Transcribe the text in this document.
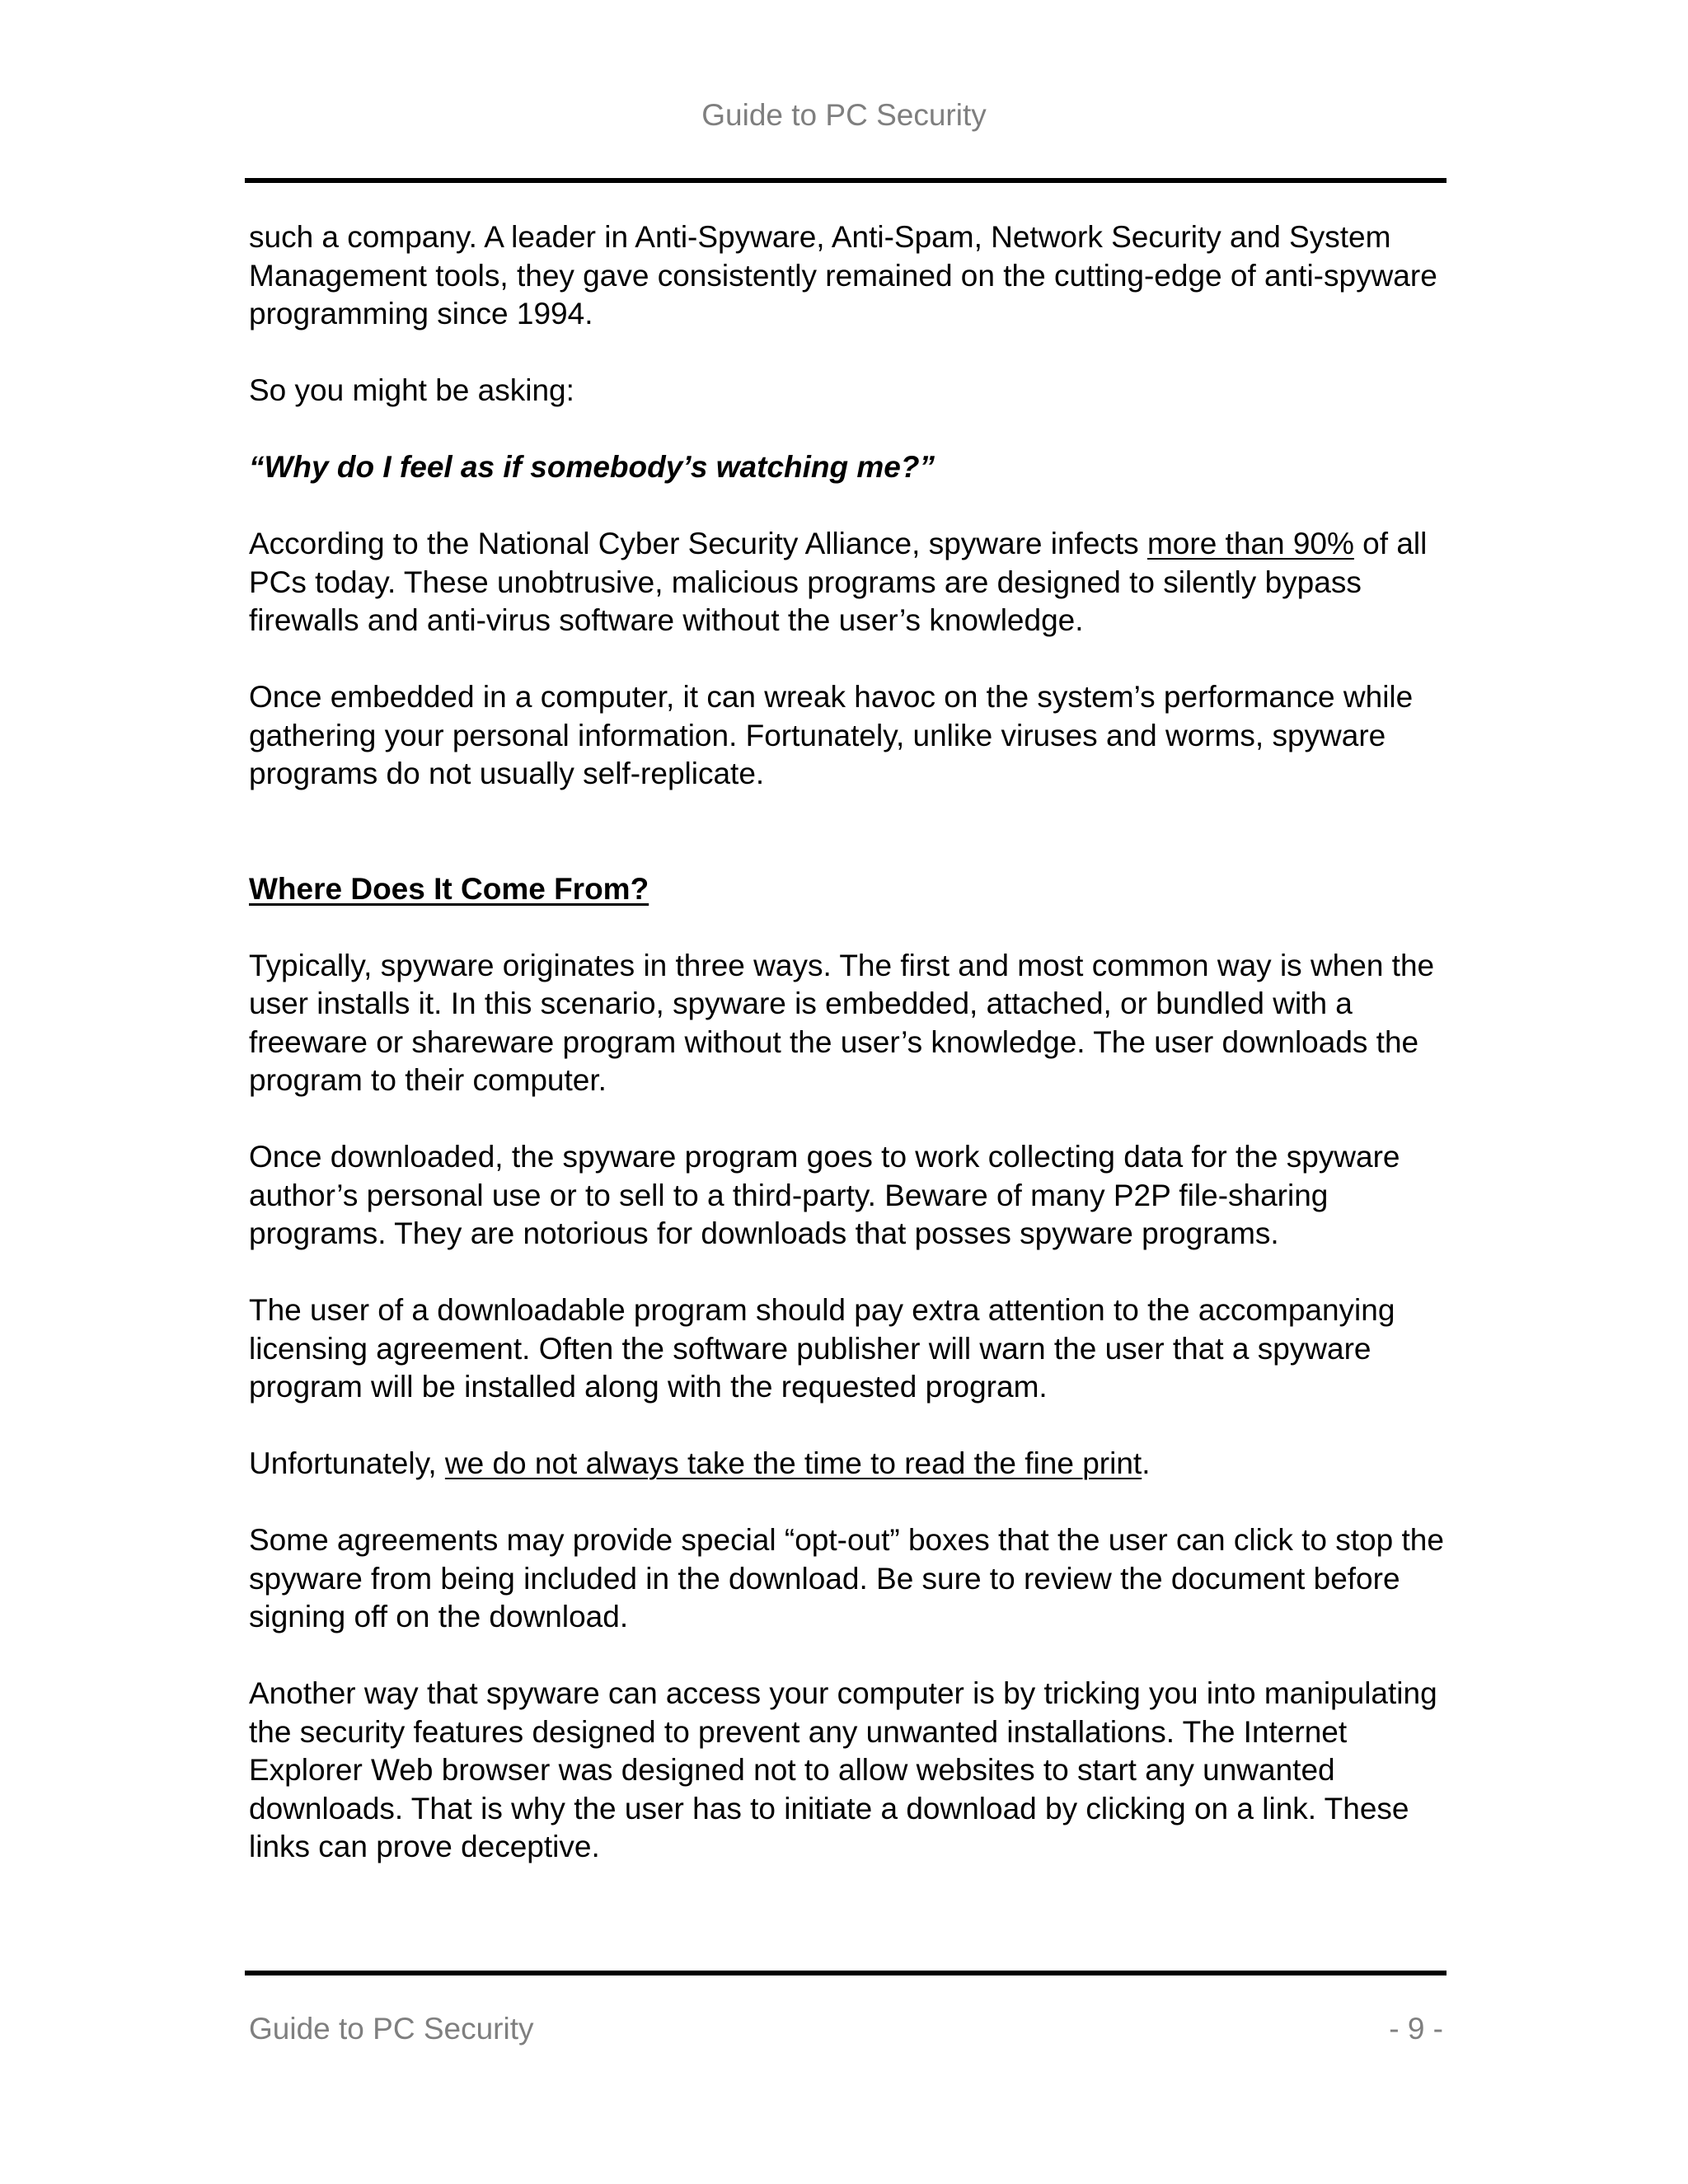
Guide to PC Security

such a company. A leader in Anti-Spyware, Anti-Spam, Network Security and System Management tools, they gave consistently remained on the cutting-edge of anti-spyware programming since 1994.

So you might be asking:

“Why do I feel as if somebody’s watching me?”

According to the National Cyber Security Alliance, spyware infects more than 90% of all PCs today. These unobtrusive, malicious programs are designed to silently bypass firewalls and anti-virus software without the user’s knowledge.

Once embedded in a computer, it can wreak havoc on the system’s performance while gathering your personal information. Fortunately, unlike viruses and worms, spyware programs do not usually self-replicate.

Where Does It Come From?

Typically, spyware originates in three ways. The first and most common way is when the user installs it. In this scenario, spyware is embedded, attached, or bundled with a freeware or shareware program without the user’s knowledge. The user downloads the program to their computer.

Once downloaded, the spyware program goes to work collecting data for the spyware author’s personal use or to sell to a third-party. Beware of many P2P file-sharing programs. They are notorious for downloads that posses spyware programs.

The user of a downloadable program should pay extra attention to the accompanying licensing agreement. Often the software publisher will warn the user that a spyware program will be installed along with the requested program.

Unfortunately, we do not always take the time to read the fine print.

Some agreements may provide special “opt-out” boxes that the user can click to stop the spyware from being included in the download. Be sure to review the document before signing off on the download.

Another way that spyware can access your computer is by tricking you into manipulating the security features designed to prevent any unwanted installations. The Internet Explorer Web browser was designed not to allow websites to start any unwanted downloads. That is why the user has to initiate a download by clicking on a link. These links can prove deceptive.

Guide to PC Security	- 9 -
